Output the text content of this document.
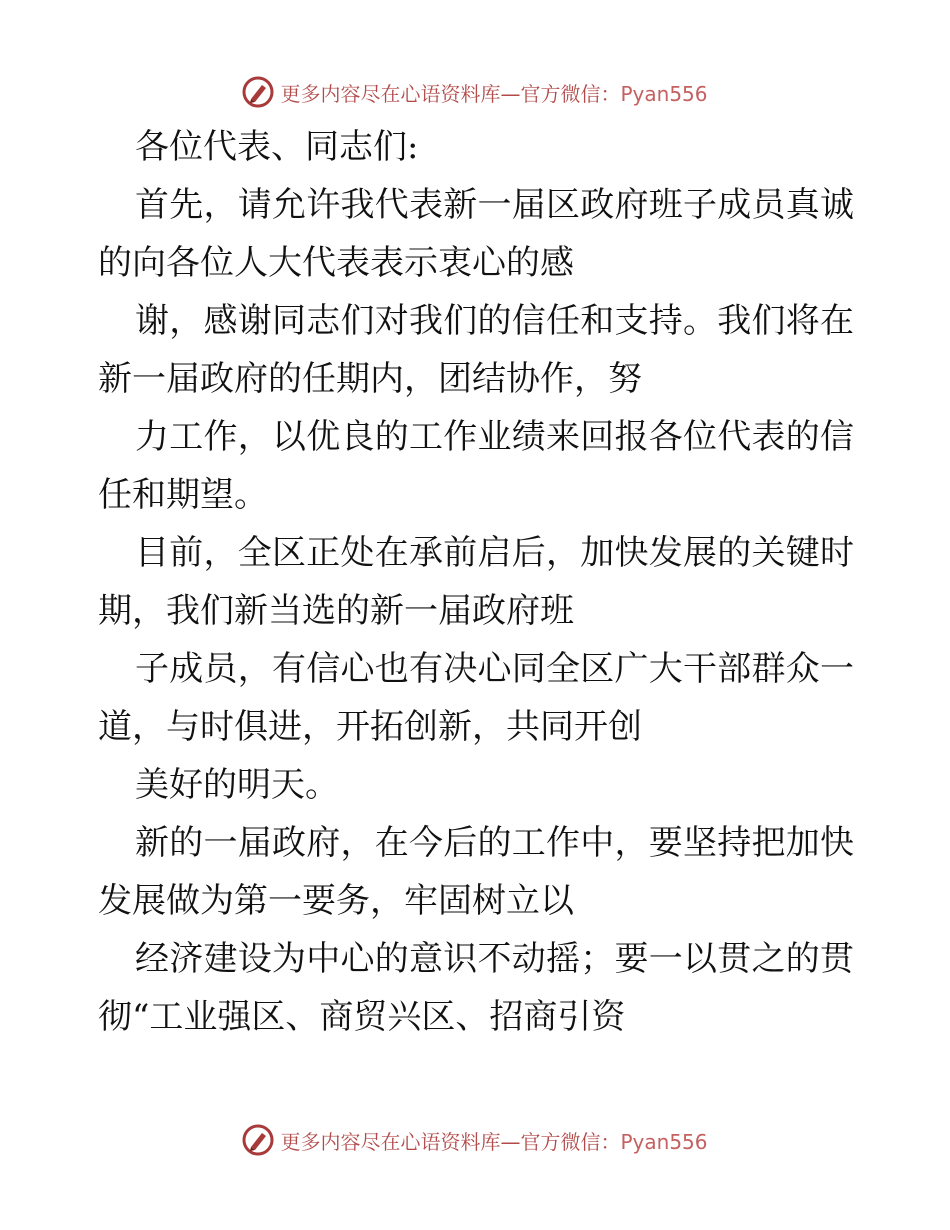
更多内容尽在心语资料库—官方微信：Pyan556
各位代表、同志们:
首先，请允许我代表新一届区政府班子成员真诚
的向各位人大代表表示衷心的感
谢，感谢同志们对我们的信任和支持。我们将在
新一届政府的任期内，团结协作，努
力工作，以优良的工作业绩来回报各位代表的信
任和期望。
目前，全区正处在承前启后，加快发展的关键时
期，我们新当选的新一届政府班
子成员，有信心也有决心同全区广大干部群众一
道，与时俱进，开拓创新，共同开创
美好的明天。
新的一届政府，在今后的工作中，要坚持把加快
发展做为第一要务，牢固树立以
经济建设为中心的意识不动摇；要一以贯之的贯
彻“工业强区、商贸兴区、招商引资
更多内容尽在心语资料库—官方微信：Pyan556
